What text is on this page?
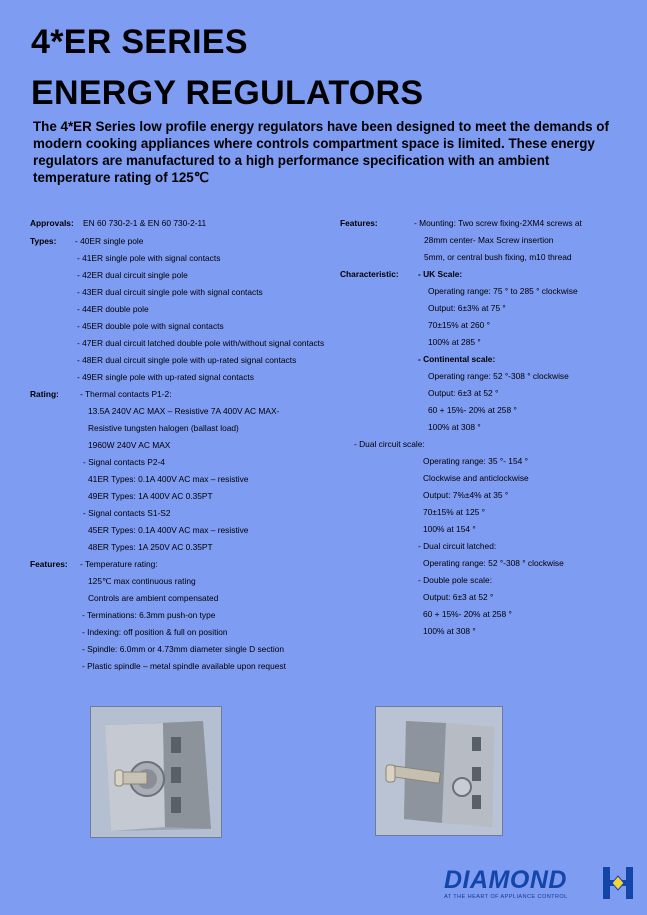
4*ER SERIES
ENERGY REGULATORS
The 4*ER Series low profile energy regulators have been designed to meet the demands of modern cooking appliances where controls compartment space is limited. These energy regulators are manufactured to a high performance specification with an ambient temperature rating of 125℃
Approvals: EN 60 730-2-1 & EN 60 730-2-11
Types: - 40ER single pole
- 41ER single pole with signal contacts
- 42ER dual circuit single pole
- 43ER dual circuit single pole with signal contacts
- 44ER double pole
- 45ER double pole with signal contacts
- 47ER dual circuit latched double pole with/without signal contacts
- 48ER dual circuit single pole with up-rated signal contacts
- 49ER single pole with up-rated signal contacts
Rating:	- Thermal contacts P1-2:
13.5A 240V AC MAX – Resistive 7A 400V AC MAX-
Resistive tungsten halogen (ballast load)
1960W 240V AC MAX
- Signal contacts P2-4
41ER Types: 0.1A 400V AC max – resistive
49ER Types: 1A 400V AC 0.35PT
- Signal contacts S1-S2
45ER Types: 0.1A 400V AC max – resistive
48ER Types: 1A 250V AC 0.35PT
Features: - Temperature rating:
125℃ max continuous rating
Controls are ambient compensated
- Terminations: 6.3mm push-on type
- Indexing: off position & full on position
- Spindle: 6.0mm or 4.73mm diameter single D section
- Plastic spindle – metal spindle available upon request
Features:	- Mounting: Two screw fixing-2XM4 screws at
28mm center- Max Screw insertion
5mm, or central bush fixing, m10 thread
Characteristic: - UK Scale:
Operating range: 75 ° to 285 ° clockwise
Output: 6±3% at 75 °
70±15% at 260 °
100% at 285 °
- Continental scale:
Operating range: 52 °-308 ° clockwise
Output: 6±3 at 52 °
60 + 15%- 20% at 258 °
100% at 308 °
- Dual circuit scale:
Operating range: 35 °- 154 °
Clockwise and anticlockwise
Output: 7%±4% at 35 °
70±15% at 125 °
100% at 154 °
- Dual circuit latched:
Operating range: 52 °-308 ° clockwise
- Double pole scale:
Output: 6±3 at 52 °
60 + 15%- 20% at 258 °
100% at 308 °
DIAMOND
AT THE HEART OF APPLIANCE CONTROL
